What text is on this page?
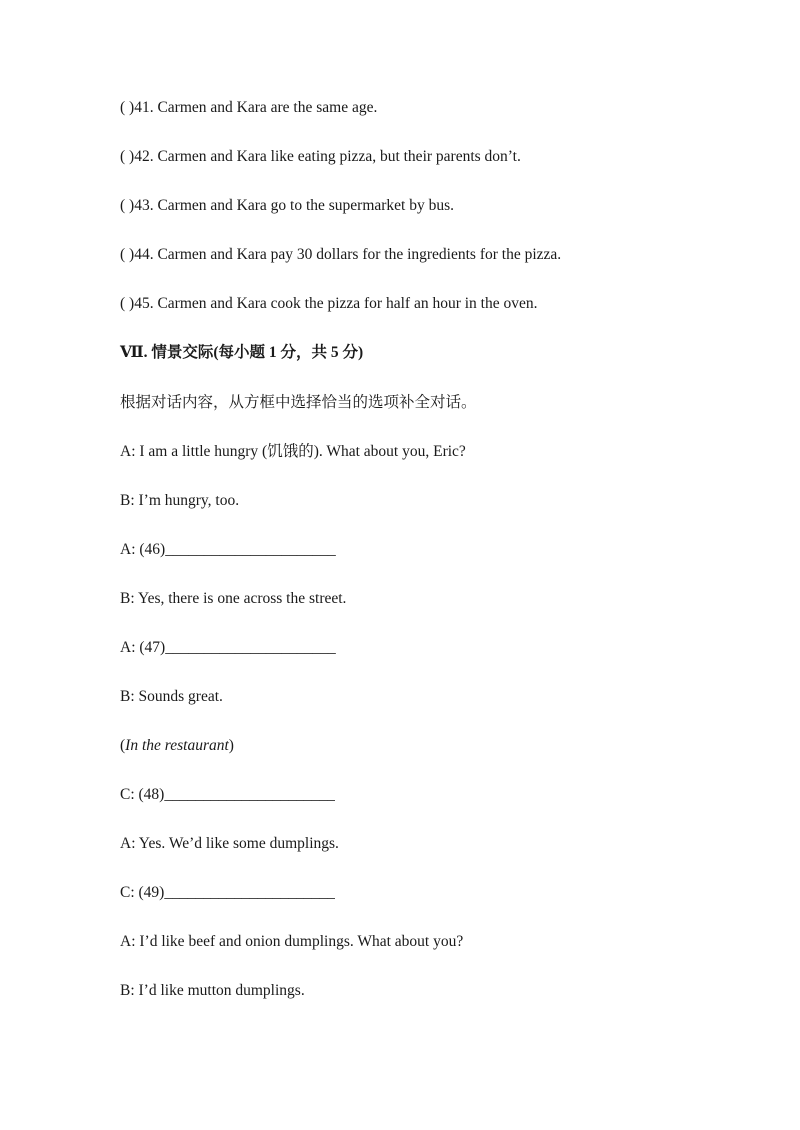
( )41. Carmen and Kara are the same age.
( )42. Carmen and Kara like eating pizza, but their parents don’t.
( )43. Carmen and Kara go to the supermarket by bus.
( )44. Carmen and Kara pay 30 dollars for the ingredients for the pizza.
( )45. Carmen and Kara cook the pizza for half an hour in the oven.
Ⅶ. 情景交际(每小题 1 分，共 5 分)
根据对话内容，从方框中选择恰当的选项补全对话。
A: I am a little hungry (饥饿的). What about you, Eric?
B: I’m hungry, too.
A: (46)______________________
B: Yes, there is one across the street.
A: (47)______________________
B: Sounds great.
(In the restaurant)
C: (48)______________________
A: Yes. We’d like some dumplings.
C: (49)______________________
A: I’d like beef and onion dumplings. What about you?
B: I’d like mutton dumplings.
